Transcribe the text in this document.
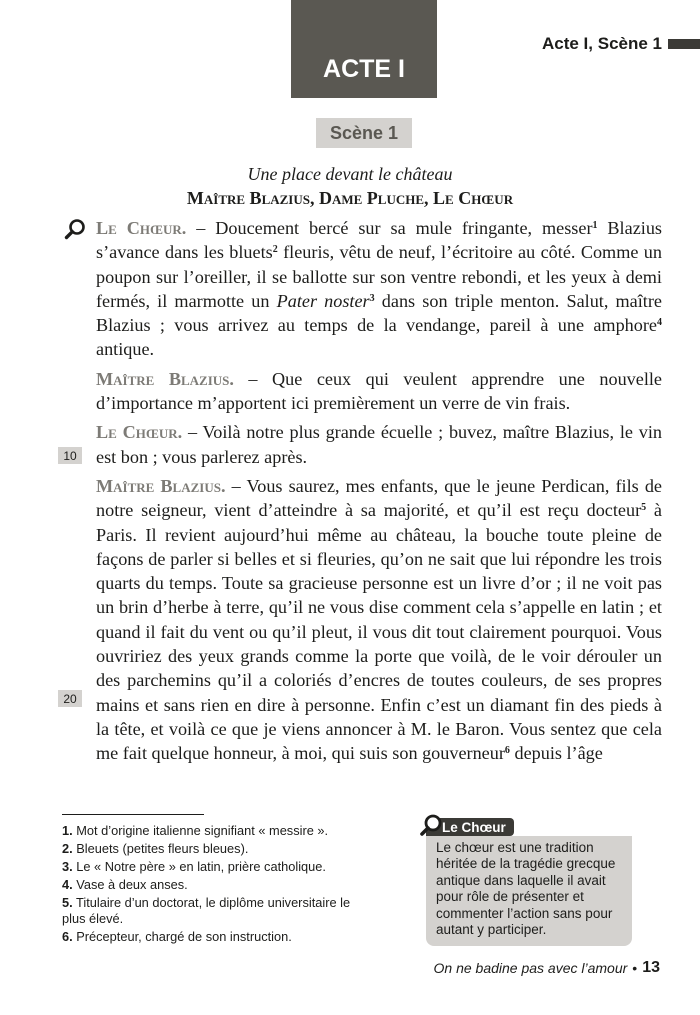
Acte I, Scène 1
ACTE I
Scène 1
Une place devant le château
Maître Blazius, Dame Pluche, Le Chœur
10
20

Le Chœur. – Doucement bercé sur sa mule fringante, messer$^1$ Blazius s’avance dans les bluets$^2$ fleuris, vêtu de neuf, l’écritoire au côté. Comme un poupon sur l’oreiller, il se ballotte sur son ventre rebondi, et les yeux à demi fermés, il marmotte un Pater noster$^3$ dans son triple menton. Salut, maître Blazius ; vous arrivez au temps de la vendange, pareil à une amphore$^4$ antique.

Maître Blazius. – Que ceux qui veulent apprendre une nouvelle d’importance m’apportent ici premièrement un verre de vin frais.

Le Chœur. – Voilà notre plus grande écuelle ; buvez, maître Blazius, le vin est bon ; vous parlerez après.

Maître Blazius. – Vous saurez, mes enfants, que le jeune Perdican, fils de notre seigneur, vient d’atteindre à sa majorité, et qu’il est reçu docteur$^5$ à Paris. Il revient aujourd’hui même au château, la bouche toute pleine de façons de parler si belles et si fleuries, qu’on ne sait que lui répondre les trois quarts du temps. Toute sa gracieuse personne est un livre d’or ; il ne voit pas un brin d’herbe à terre, qu’il ne vous dise comment cela s’appelle en latin ; et quand il fait du vent ou qu’il pleut, il vous dit tout clairement pourquoi. Vous ouvririez des yeux grands comme la porte que voilà, de le voir dérouler un des parchemins qu’il a coloriés d’encres de toutes couleurs, de ses propres mains et sans rien en dire à personne. Enfin c’est un diamant fin des pieds à la tête, et voilà ce que je viens annoncer à M. le Baron. Vous sentez que cela me fait quelque honneur, à moi, qui suis son gouverneur$^6$ depuis l’âge

1. Mot d’origine italienne signifiant « messire ».
2. Bleuets (petites fleurs bleues).
3. Le « Notre père » en latin, prière catholique.
4. Vase à deux anses.
5. Titulaire d’un doctorat, le diplôme universitaire le plus élevé.
6. Précepteur, chargé de son instruction.
Le Chœur
Le chœur est une tradition héritée de la tragédie grecque antique dans laquelle il avait pour rôle de présenter et commenter l’action sans pour autant y participer.
On ne badine pas avec l’amour • 13
